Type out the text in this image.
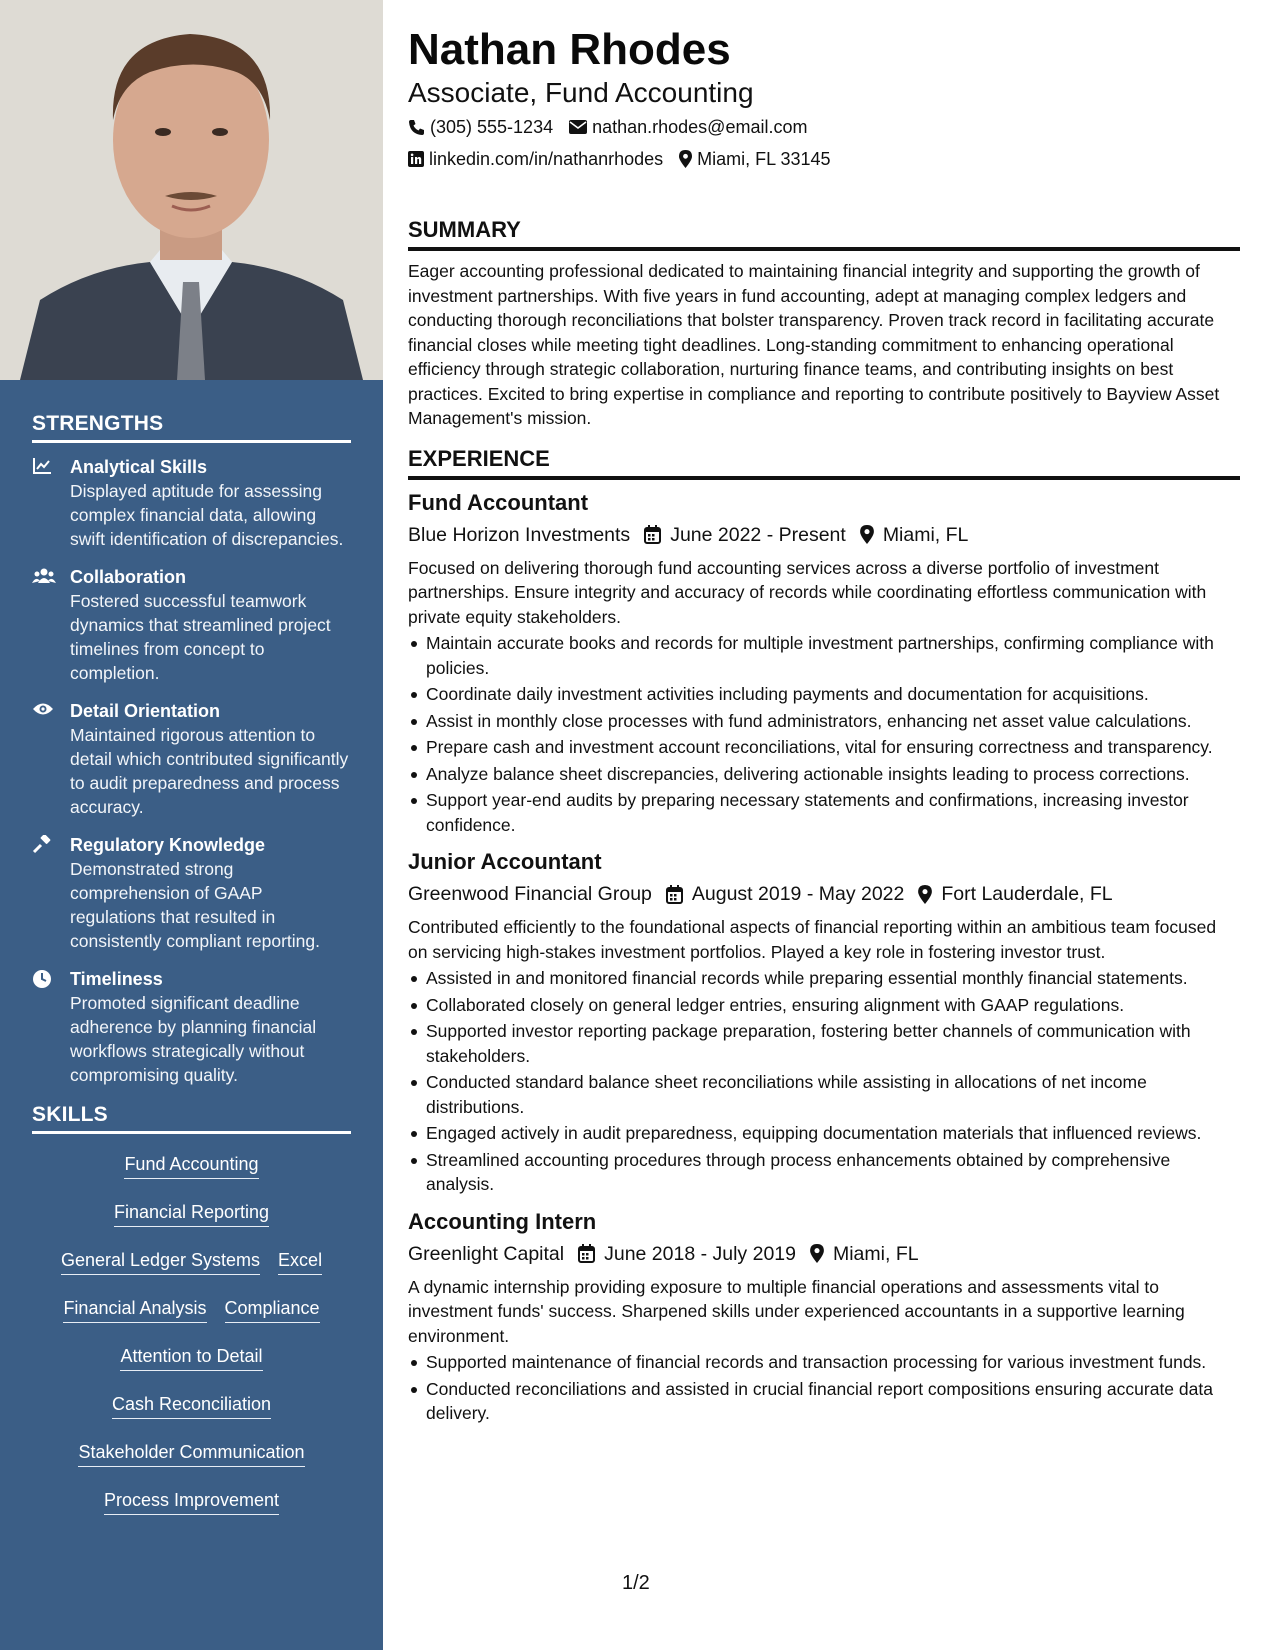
STRENGTHS
Analytical Skills
Displayed aptitude for assessing complex financial data, allowing swift identification of discrepancies.
Collaboration
Fostered successful teamwork dynamics that streamlined project timelines from concept to completion.
Detail Orientation
Maintained rigorous attention to detail which contributed significantly to audit preparedness and process accuracy.
Regulatory Knowledge
Demonstrated strong comprehension of GAAP regulations that resulted in consistently compliant reporting.
Timeliness
Promoted significant deadline adherence by planning financial workflows strategically without compromising quality.
SKILLS
Fund Accounting
Financial Reporting
General Ledger Systems Excel
Financial Analysis Compliance
Attention to Detail
Cash Reconciliation
Stakeholder Communication
Process Improvement
Nathan Rhodes
Associate, Fund Accounting
(305) 555-1234 nathan.rhodes@email.com
linkedin.com/in/nathanrhodes Miami, FL 33145
SUMMARY
Eager accounting professional dedicated to maintaining financial integrity and supporting the growth of investment partnerships. With five years in fund accounting, adept at managing complex ledgers and conducting thorough reconciliations that bolster transparency. Proven track record in facilitating accurate financial closes while meeting tight deadlines. Long-standing commitment to enhancing operational efficiency through strategic collaboration, nurturing finance teams, and contributing insights on best practices. Excited to bring expertise in compliance and reporting to contribute positively to Bayview Asset Management's mission.
EXPERIENCE
Fund Accountant
Blue Horizon Investments June 2022 - Present Miami, FL
Focused on delivering thorough fund accounting services across a diverse portfolio of investment partnerships. Ensure integrity and accuracy of records while coordinating effortless communication with private equity stakeholders.
Maintain accurate books and records for multiple investment partnerships, confirming compliance with policies.
Coordinate daily investment activities including payments and documentation for acquisitions.
Assist in monthly close processes with fund administrators, enhancing net asset value calculations.
Prepare cash and investment account reconciliations, vital for ensuring correctness and transparency.
Analyze balance sheet discrepancies, delivering actionable insights leading to process corrections.
Support year-end audits by preparing necessary statements and confirmations, increasing investor confidence.
Junior Accountant
Greenwood Financial Group August 2019 - May 2022 Fort Lauderdale, FL
Contributed efficiently to the foundational aspects of financial reporting within an ambitious team focused on servicing high-stakes investment portfolios. Played a key role in fostering investor trust.
Assisted in and monitored financial records while preparing essential monthly financial statements.
Collaborated closely on general ledger entries, ensuring alignment with GAAP regulations.
Supported investor reporting package preparation, fostering better channels of communication with stakeholders.
Conducted standard balance sheet reconciliations while assisting in allocations of net income distributions.
Engaged actively in audit preparedness, equipping documentation materials that influenced reviews.
Streamlined accounting procedures through process enhancements obtained by comprehensive analysis.
Accounting Intern
Greenlight Capital June 2018 - July 2019 Miami, FL
A dynamic internship providing exposure to multiple financial operations and assessments vital to investment funds' success. Sharpened skills under experienced accountants in a supportive learning environment.
Supported maintenance of financial records and transaction processing for various investment funds.
Conducted reconciliations and assisted in crucial financial report compositions ensuring accurate data delivery.
1/2
